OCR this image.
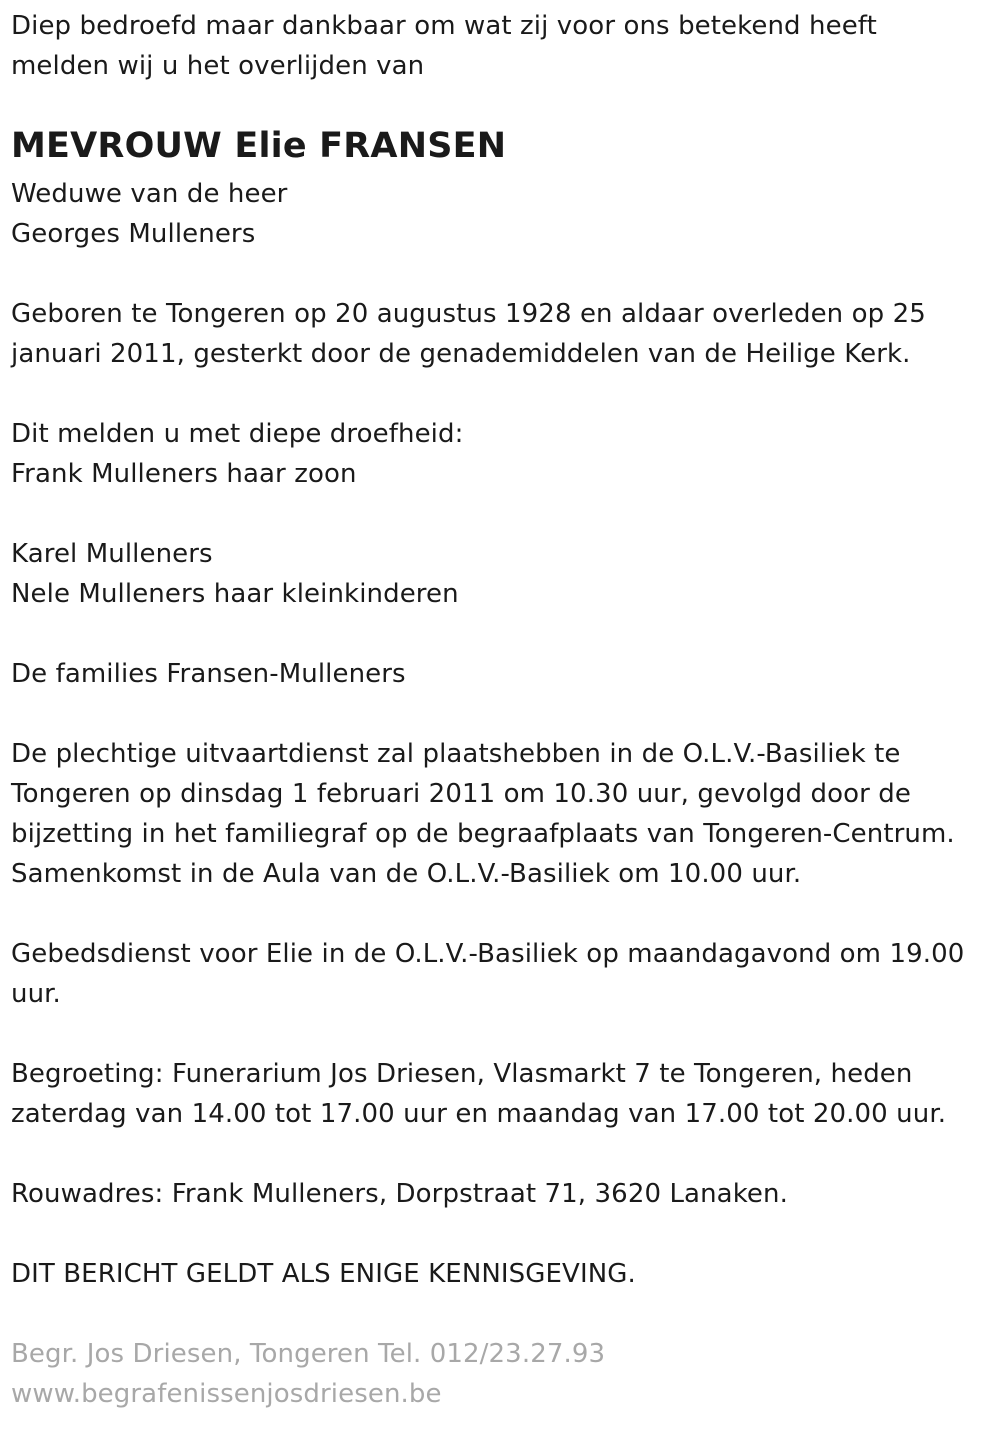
Diep bedroefd maar dankbaar om wat zij voor ons betekend heeft
melden wij u het overlijden van
MEVROUW Elie FRANSEN
Weduwe van de heer
Georges Mulleners
Geboren te Tongeren op 20 augustus 1928 en aldaar overleden op 25
januari 2011, gesterkt door de genademiddelen van de Heilige Kerk.
Dit melden u met diepe droefheid:
Frank Mulleners haar zoon
Karel Mulleners
Nele Mulleners haar kleinkinderen
De families Fransen-Mulleners
De plechtige uitvaartdienst zal plaatshebben in de O.L.V.-Basiliek te
Tongeren op dinsdag 1 februari 2011 om 10.30 uur, gevolgd door de
bijzetting in het familiegraf op de begraafplaats van Tongeren-Centrum.
Samenkomst in de Aula van de O.L.V.-Basiliek om 10.00 uur.
Gebedsdienst voor Elie in de O.L.V.-Basiliek op maandagavond om 19.00
uur.
Begroeting: Funerarium Jos Driesen, Vlasmarkt 7 te Tongeren, heden
zaterdag van 14.00 tot 17.00 uur en maandag van 17.00 tot 20.00 uur.
Rouwadres: Frank Mulleners, Dorpstraat 71, 3620 Lanaken.
DIT BERICHT GELDT ALS ENIGE KENNISGEVING.
Begr. Jos Driesen, Tongeren Tel. 012/23.27.93
www.begrafenissenjosdriesen.be
